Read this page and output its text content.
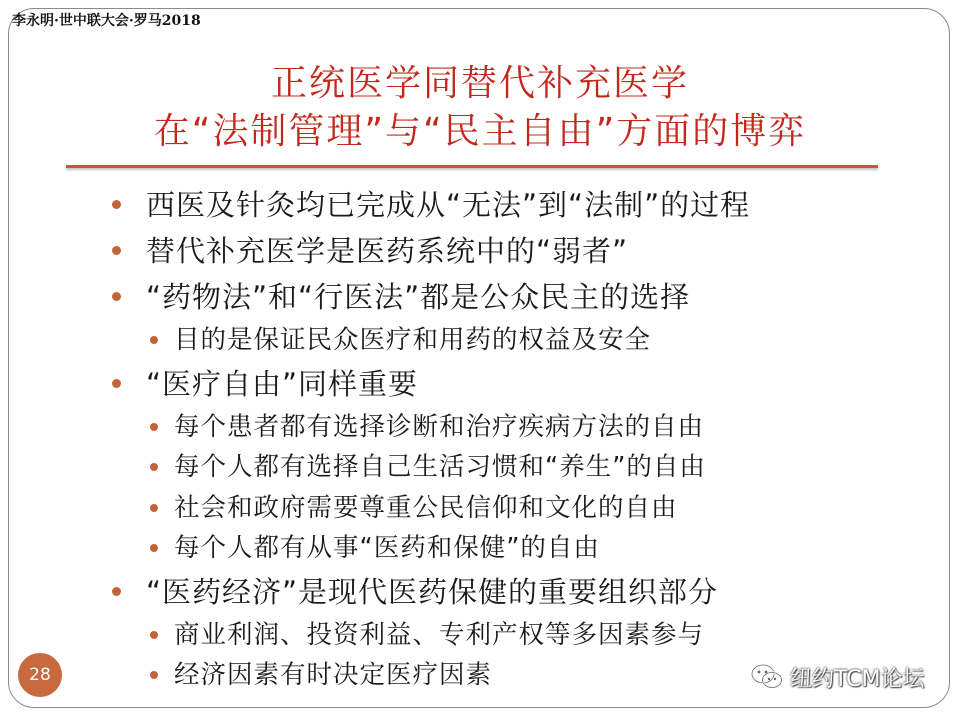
李永明·世中联大会·罗马2018
正统医学同替代补充医学
在“法制管理”与“民主自由”方面的博弈
西医及针灸均已完成从“无法”到“法制”的过程
替代补充医学是医药系统中的“弱者”
“药物法”和“行医法”都是公众民主的选择
目的是保证民众医疗和用药的权益及安全
“医疗自由”同样重要
每个患者都有选择诊断和治疗疾病方法的自由
每个人都有选择自己生活习惯和“养生”的自由
社会和政府需要尊重公民信仰和文化的自由
每个人都有从事“医药和保健”的自由
“医药经济”是现代医药保健的重要组织部分
商业利润、投资利益、专利产权等多因素参与
经济因素有时决定医疗因素
28	纽约TCM论坛
